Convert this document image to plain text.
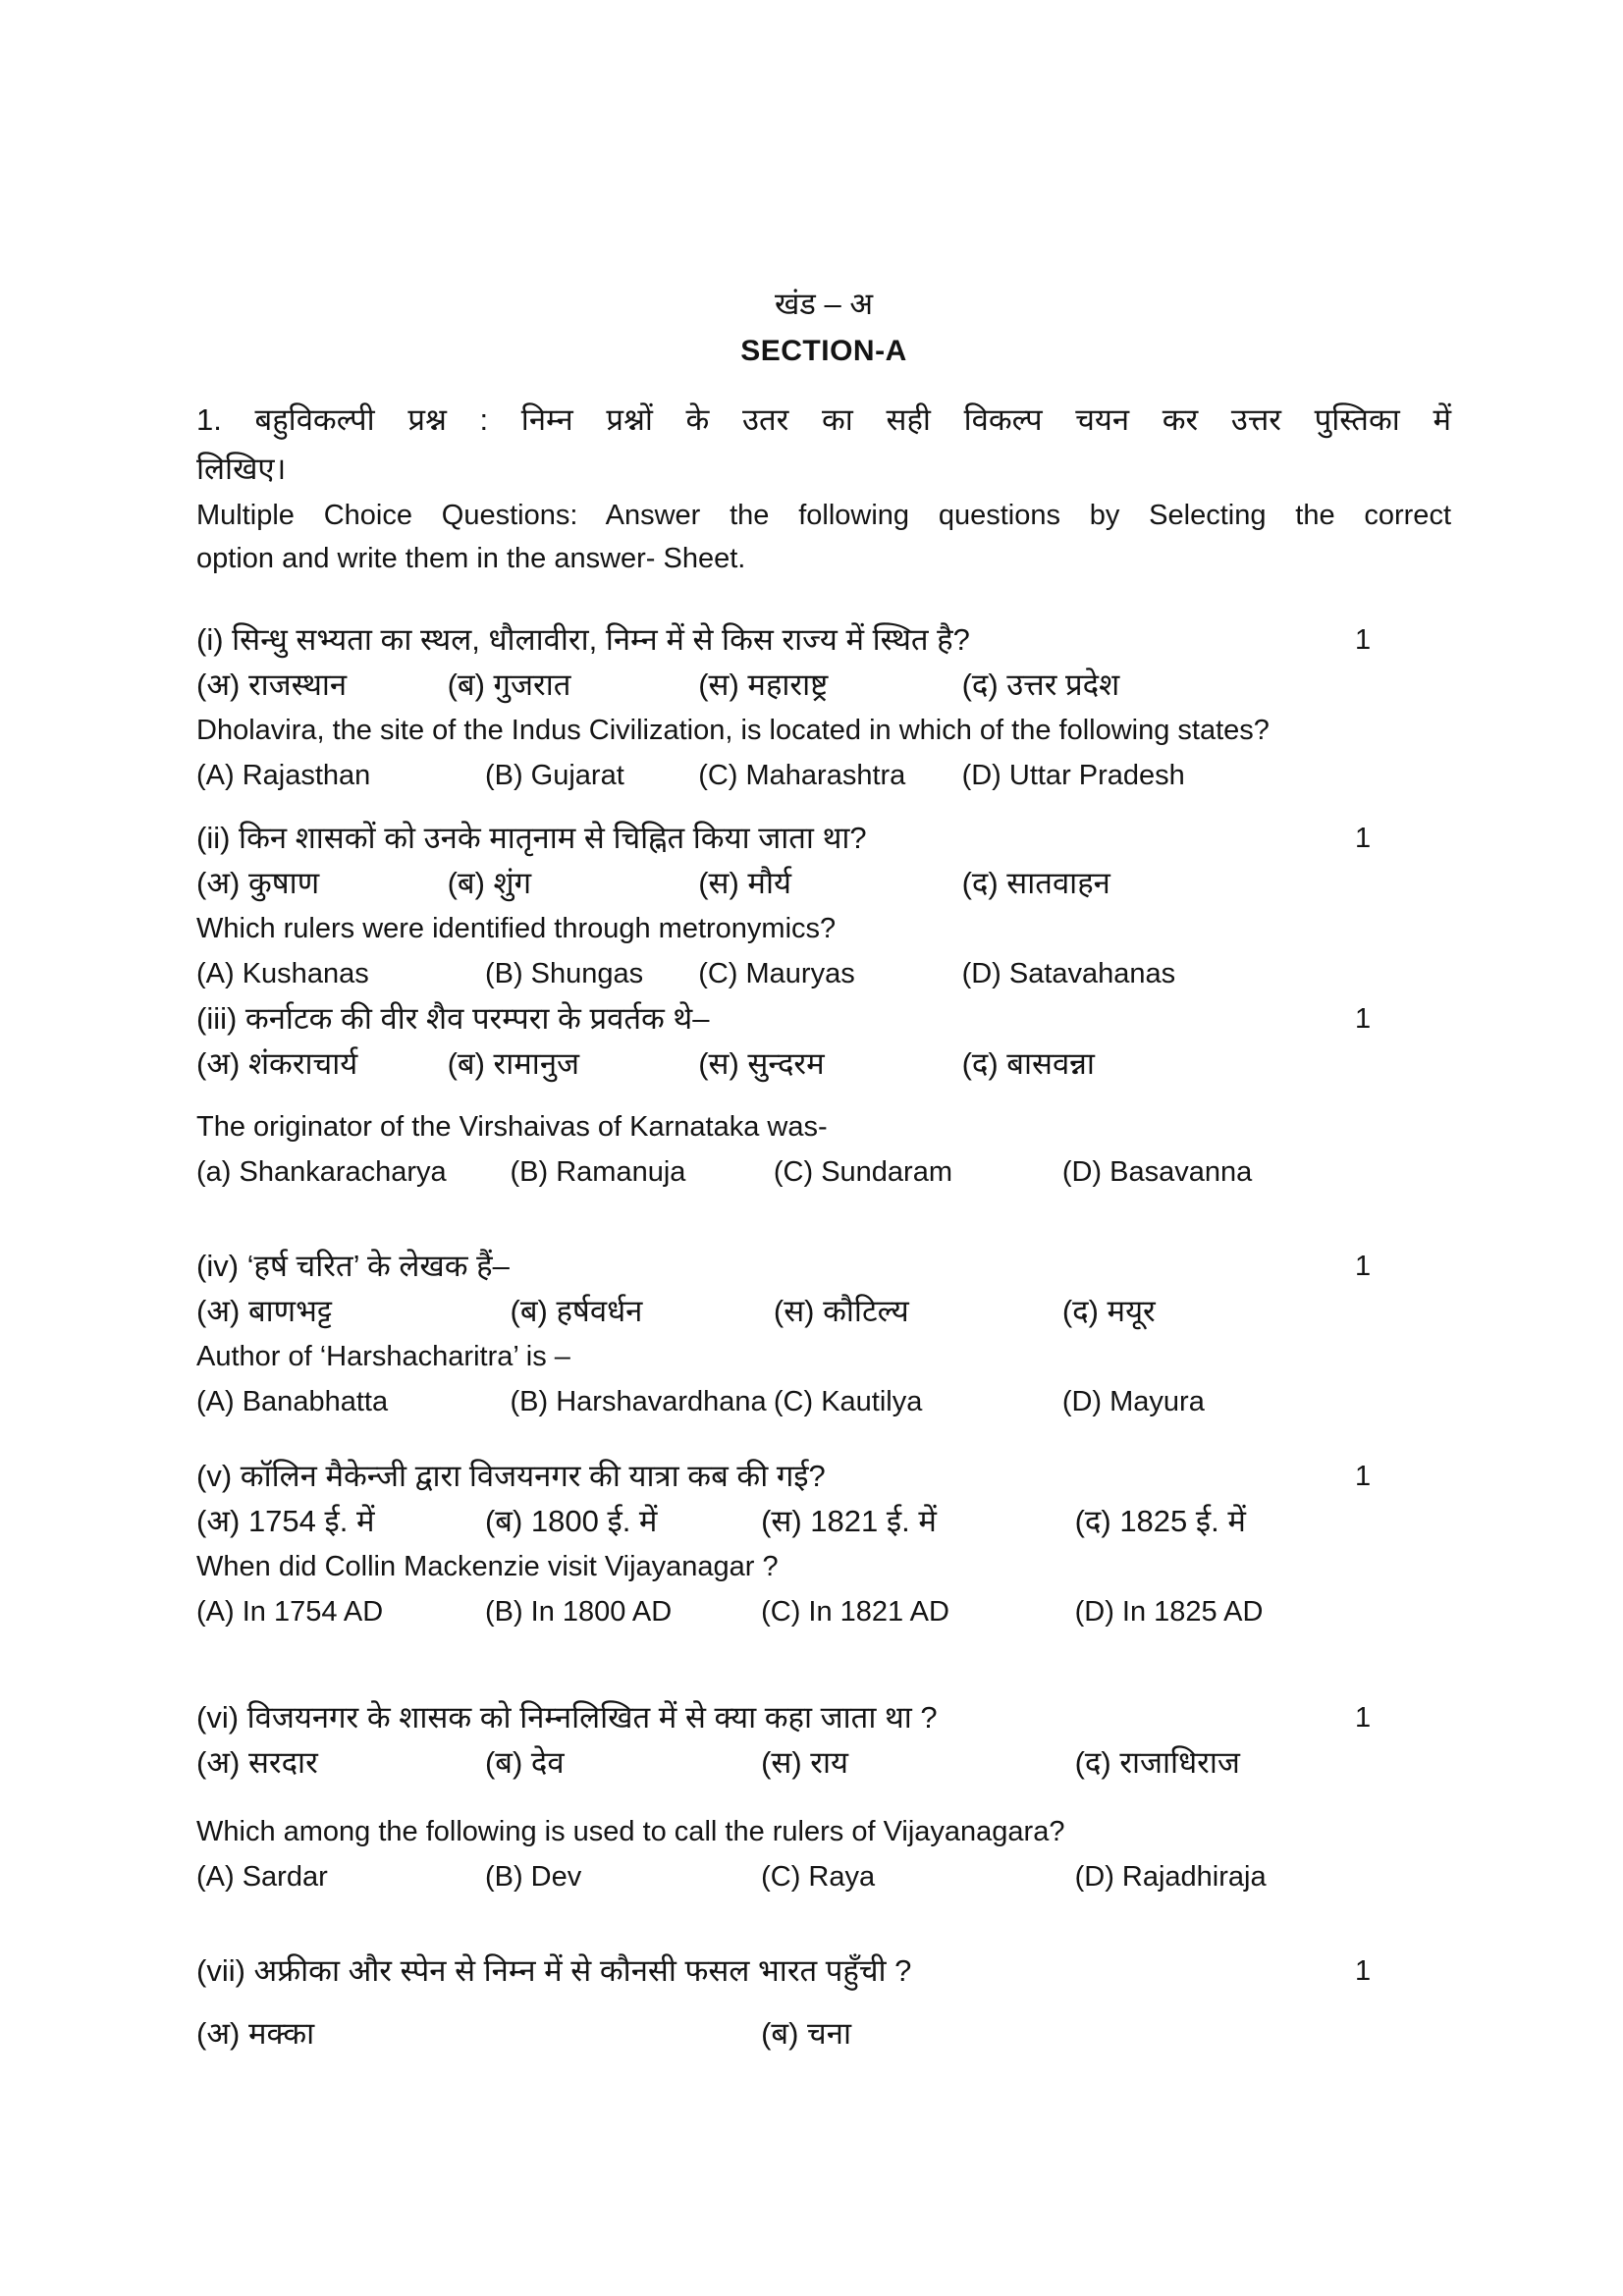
खंड – अ
SECTION-A
1. बहुविकल्पी प्रश्न : निम्न प्रश्नों के उतर का सही विकल्प चयन कर उत्तर पुस्तिका में
लिखिए।
Multiple Choice Questions: Answer the following questions by Selecting the correct
option and write them in the answer- Sheet.
(i) सिन्धु सभ्यता का स्थल, धौलावीरा, निम्न में से किस राज्य में स्थित है?	1
(अ) राजस्थान	(ब) गुजरात	(स) महाराष्ट्र	(द) उत्तर प्रदेश
Dholavira, the site of the Indus Civilization, is located in which of the following states?
(A) Rajasthan	(B) Gujarat	(C) Maharashtra	(D) Uttar Pradesh
(ii) किन शासकों को उनके मातृनाम से चिह्नित किया जाता था?	1
(अ) कुषाण	(ब) शुंग	(स) मौर्य	(द) सातवाहन
Which rulers were identified through metronymics?
(A) Kushanas	(B) Shungas	(C) Mauryas	(D) Satavahanas
(iii) कर्नाटक की वीर शैव परम्परा के प्रवर्तक थे–	1
(अ) शंकराचार्य	(ब) रामानुज	(स) सुन्दरम	(द) बासवन्ना
The originator of the Virshaivas of Karnataka was-
(a) Shankaracharya	(B) Ramanuja	(C) Sundaram	(D) Basavanna
(iv) ‘हर्ष चरित’ के लेखक हैं–	1
(अ) बाणभट्ट	(ब) हर्षवर्धन	(स) कौटिल्य	(द) मयूर
Author of ‘Harshacharitra’ is –
(A) Banabhatta	(B) Harshavardhana (C) Kautilya	(D) Mayura
(v) कॉलिन मैकेन्जी द्वारा विजयनगर की यात्रा कब की गई?	1
(अ) 1754 ई. में	(ब) 1800 ई. में	(स) 1821 ई. में	(द) 1825 ई. में
When did Collin Mackenzie visit Vijayanagar ?
(A) In 1754 AD	(B) In 1800 AD	(C) In 1821 AD	(D) In 1825 AD
(vi) विजयनगर के शासक को निम्नलिखित में से क्या कहा जाता था ?	1
(अ) सरदार	(ब) देव	(स) राय	(द) राजाधिराज
Which among the following is used to call the rulers of Vijayanagara?
(A) Sardar	(B) Dev	(C) Raya	(D) Rajadhiraja
(vii) अफ्रीका और स्पेन से निम्न में से कौनसी फसल भारत पहुँची ?	1
(अ) मक्का	(ब) चना
